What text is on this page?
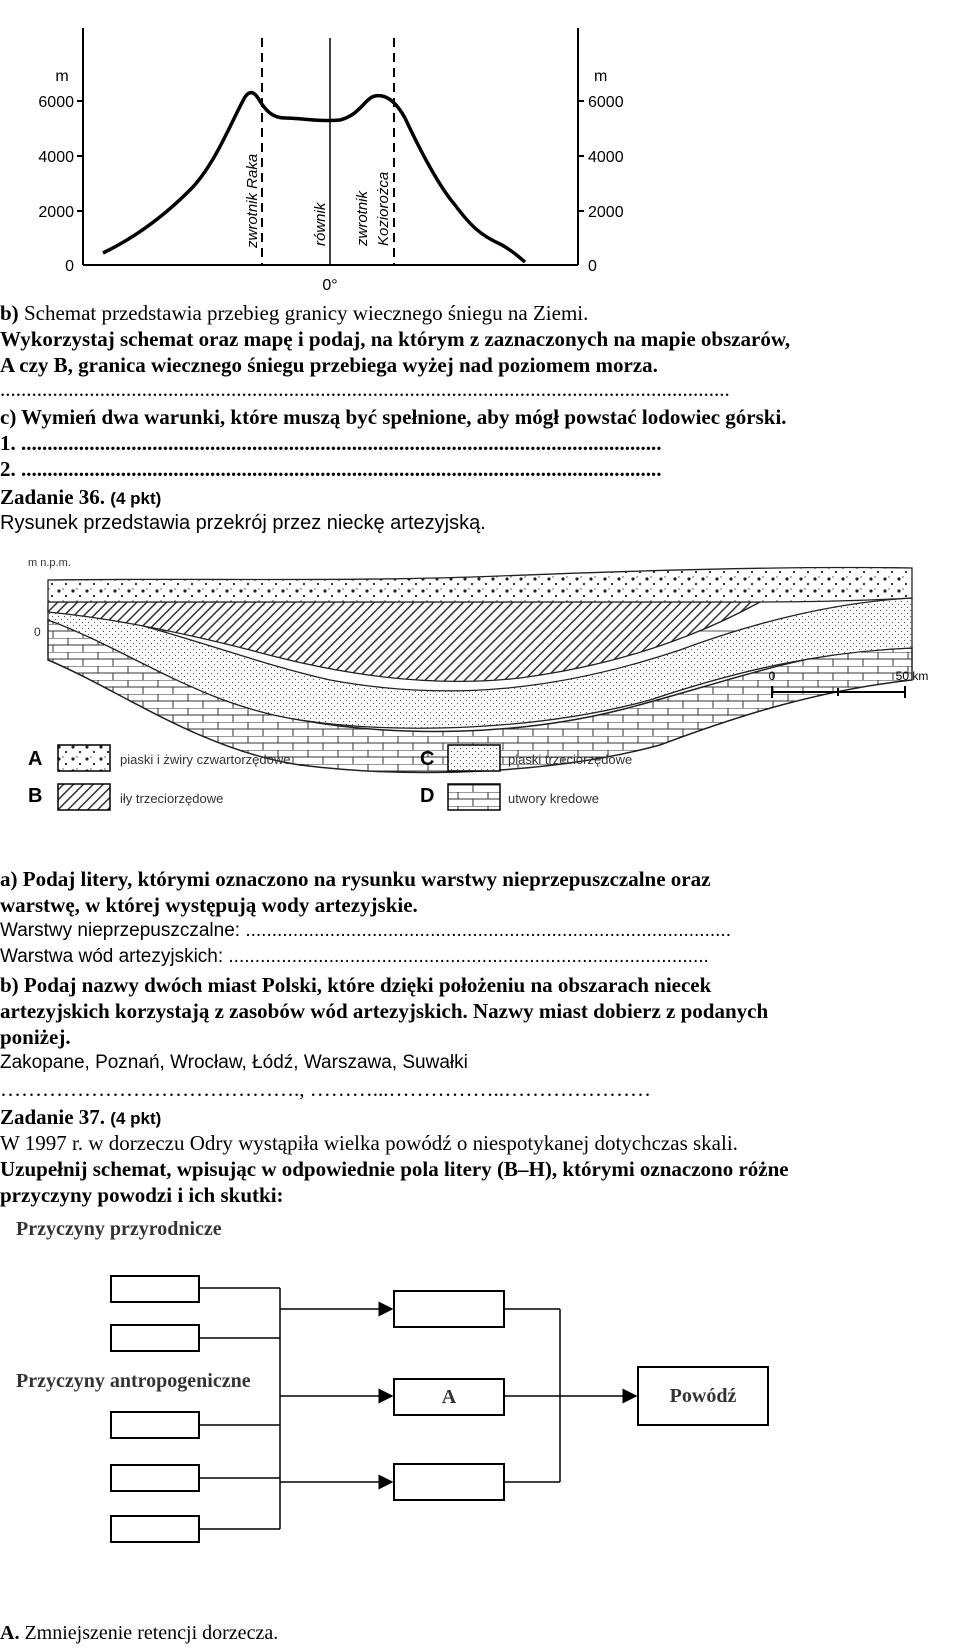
m
6000
4000
2000
0
m
6000
4000
2000
0
0°
zwrotnik Raka	równik zwrotnik Koziorożca
b) Schemat przedstawia przebieg granicy wiecznego śniegu na Ziemi.
Wykorzystaj schemat oraz mapę i podaj, na którym z zaznaczonych na mapie obszarów,
A czy B, granica wiecznego śniegu przebiega wyżej nad poziomem morza.
...........................................................................................................................................
c) Wymień dwa warunki, które muszą być spełnione, aby mógł powstać lodowiec górski.
1. ..........................................................................................................................
2. ..........................................................................................................................
Zadanie 36. (4 pkt)
Rysunek przedstawia przekrój przez nieckę artezyjską.
m n.p.m.
0
0	50 km
A	piaski i żwiry czwartorzędowe
B	iły trzeciorzędowe
C	piaski trzeciorzędowe
D	utwory kredowe
a) Podaj litery, którymi oznaczono na rysunku warstwy nieprzepuszczalne oraz
warstwę, w której występują wody artezyjskie.
Warstwy nieprzepuszczalne: ............................................................................................
Warstwa wód artezyjskich: ...........................................................................................
b) Podaj nazwy dwóch miast Polski, które dzięki położeniu na obszarach niecek
artezyjskich korzystają z zasobów wód artezyjskich. Nazwy miast dobierz z podanych
poniżej.
Zakopane, Poznań, Wrocław, Łódź, Warszawa, Suwałki
……………………………………., ………...……………..…………………
Zadanie 37. (4 pkt)
W 1997 r. w dorzeczu Odry wystąpiła wielka powódź o niespotykanej dotychczas skali.
Uzupełnij schemat, wpisując w odpowiednie pola litery (B–H), którymi oznaczono różne
przyczyny powodzi i ich skutki:
Przyczyny przyrodnicze
Przyczyny antropogeniczne
A	Powódź
A. Zmniejszenie retencji dorzecza.
